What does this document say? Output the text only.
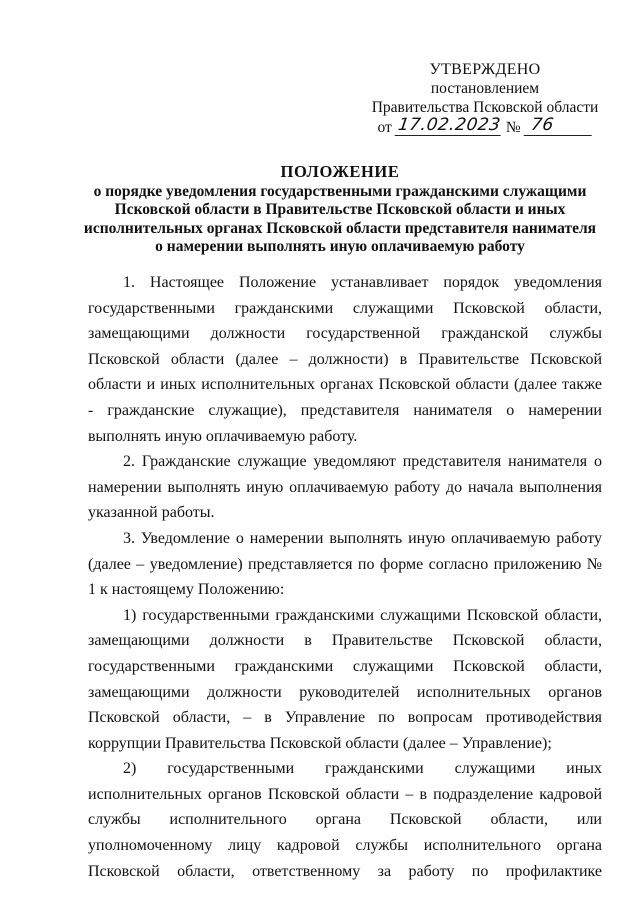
УТВЕРЖДЕНО
постановлением
Правительства Псковской области
от 17.02.2023 № 76
ПОЛОЖЕНИЕ
о порядке уведомления государственными гражданскими служащими
Псковской области в Правительстве Псковской области и иных
исполнительных органах Псковской области представителя нанимателя
о намерении выполнять иную оплачиваемую работу

1. Настоящее Положение устанавливает порядок уведомления государственными гражданскими служащими Псковской области, замещающими должности государственной гражданской службы Псковской области (далее – должности) в Правительстве Псковской области и иных исполнительных органах Псковской области (далее также - гражданские служащие), представителя нанимателя о намерении выполнять иную оплачиваемую работу.

2. Гражданские служащие уведомляют представителя нанимателя о намерении выполнять иную оплачиваемую работу до начала выполнения указанной работы.

3. Уведомление о намерении выполнять иную оплачиваемую работу (далее – уведомление) представляется по форме согласно приложению № 1 к настоящему Положению:

1) государственными гражданскими служащими Псковской области, замещающими должности в Правительстве Псковской области, государственными гражданскими служащими Псковской области, замещающими должности руководителей исполнительных органов Псковской области, – в Управление по вопросам противодействия коррупции Правительства Псковской области (далее – Управление);

2) государственными гражданскими служащими иных исполнительных органов Псковской области – в подразделение кадровой службы исполнительного органа Псковской области, или уполномоченному лицу кадровой службы исполнительного органа Псковской области, ответственному за работу по профилактике
